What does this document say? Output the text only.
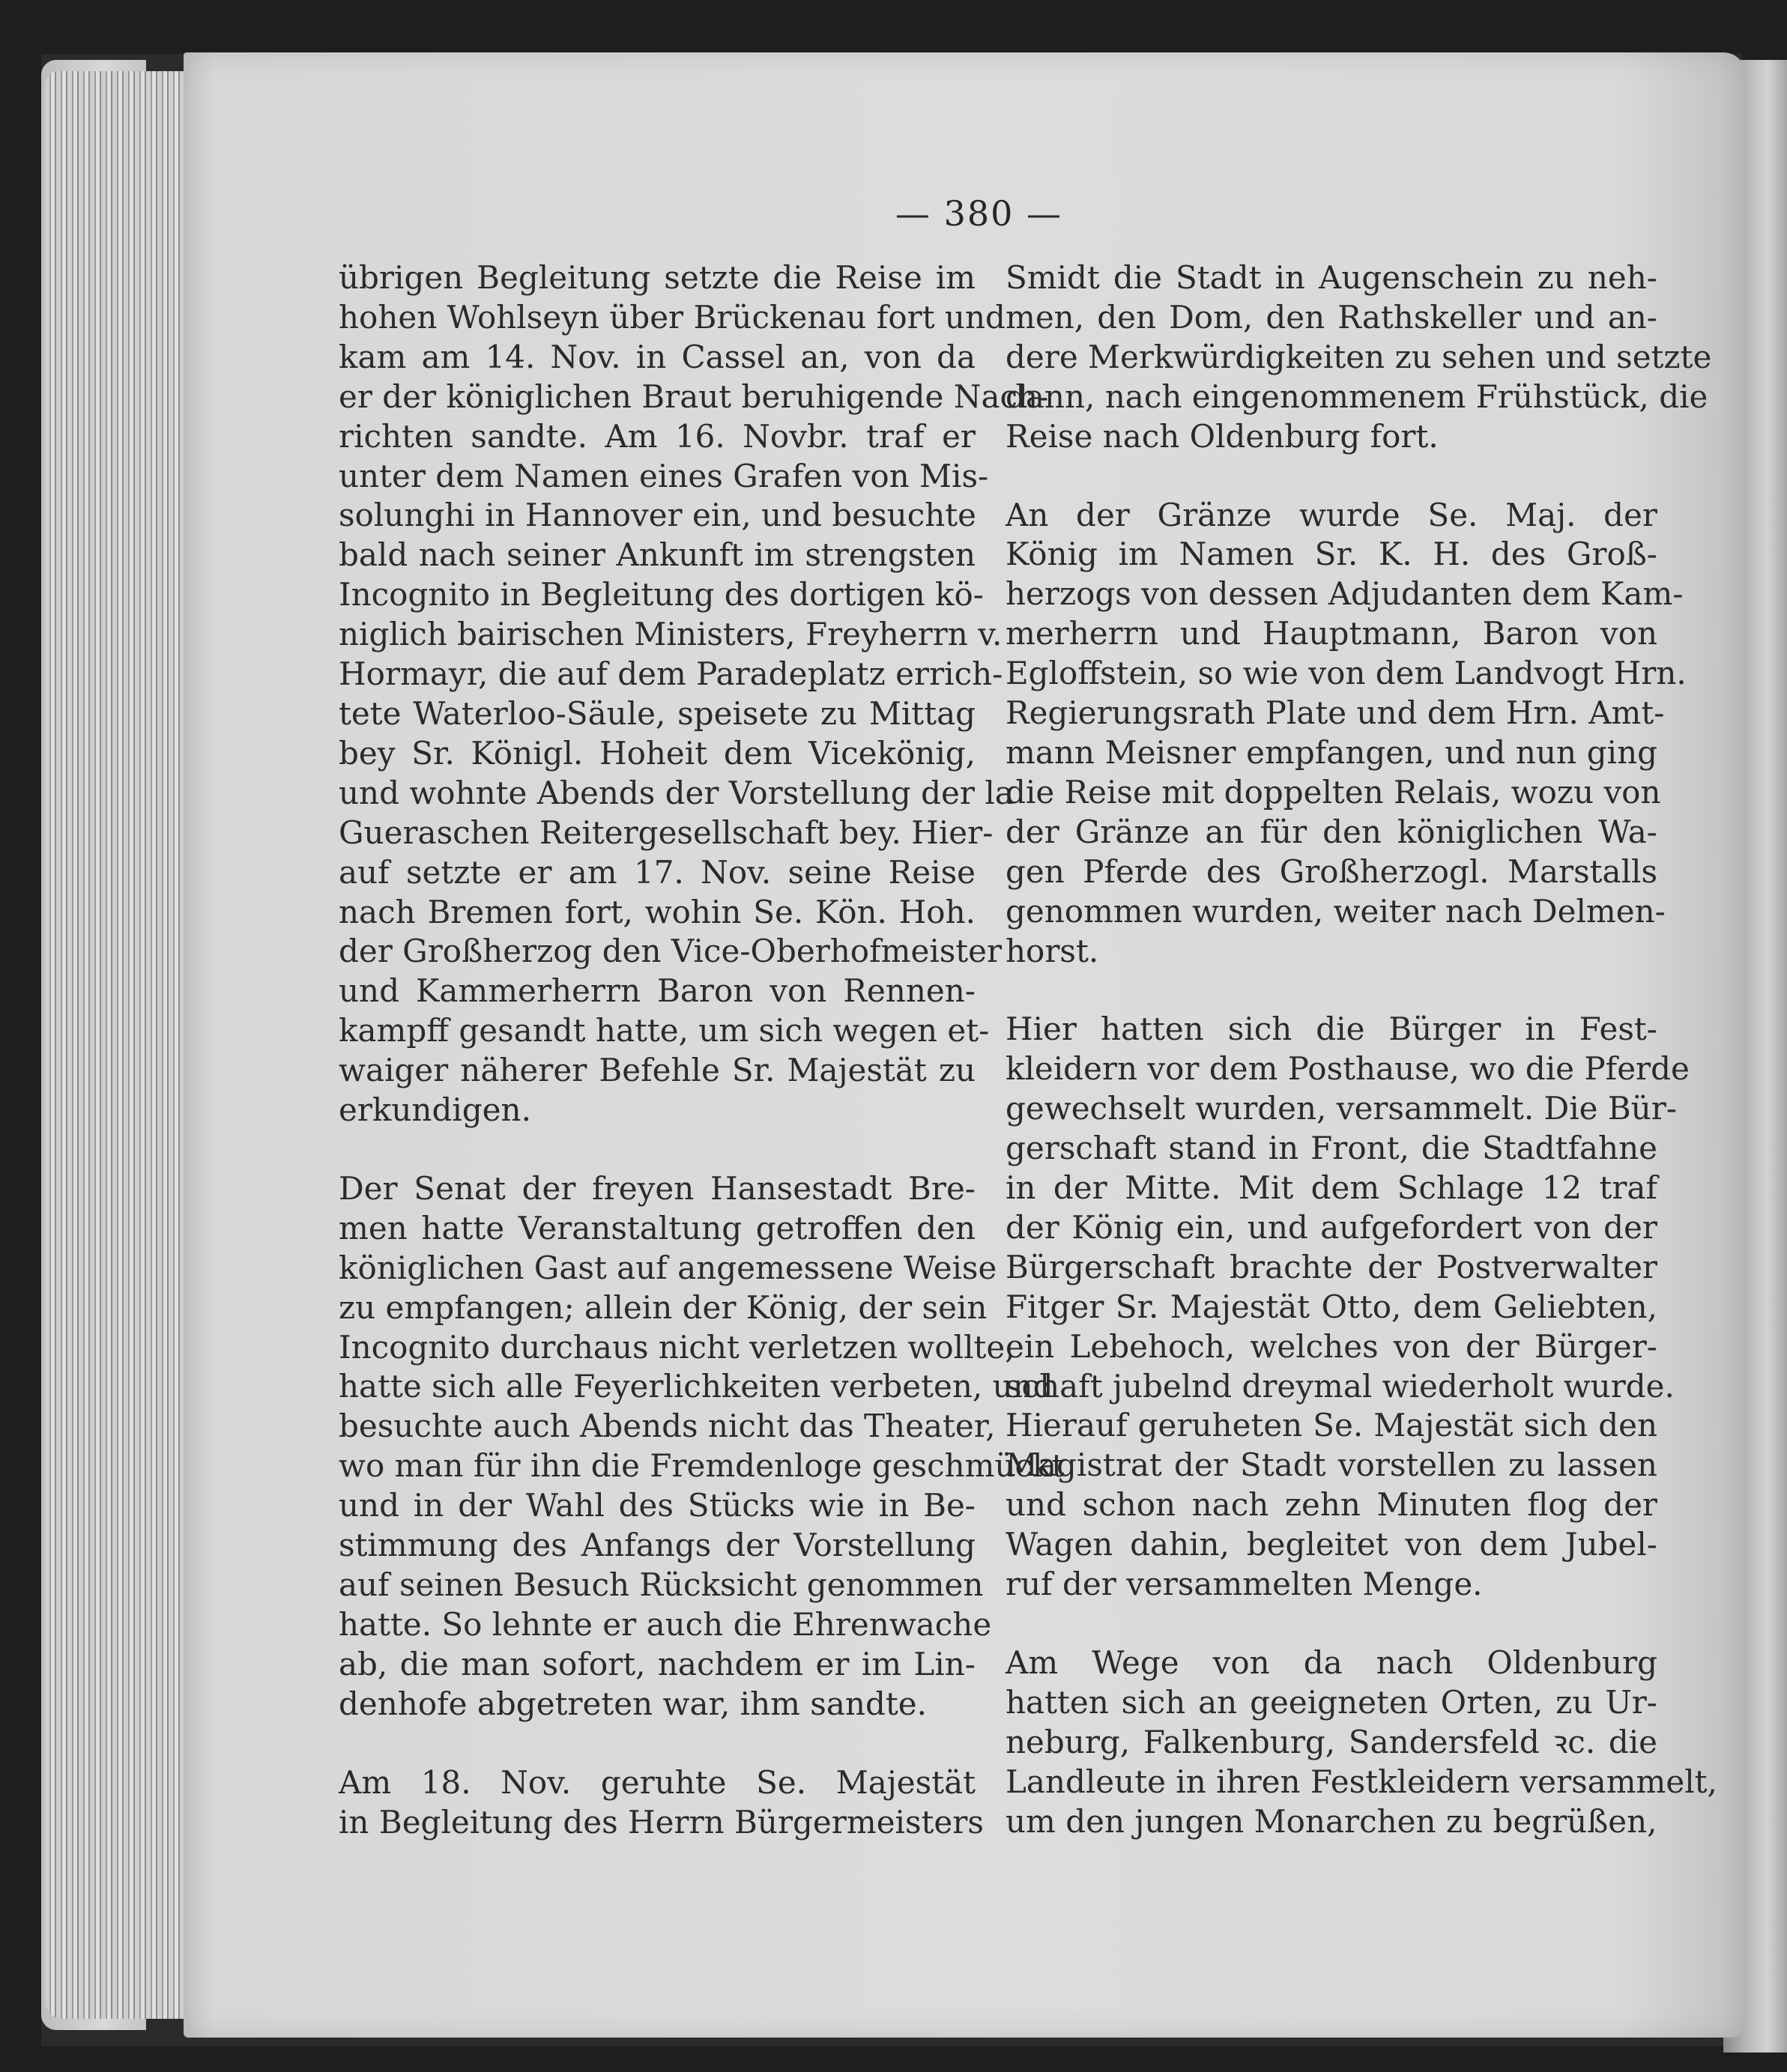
— 380 —
übrigen Begleitung setzte die Reise im
hohen Wohlseyn über Brückenau fort und
kam am 14. Nov. in Cassel an, von da
er der königlichen Braut beruhigende Nach-
richten sandte. Am 16. Novbr. traf er
unter dem Namen eines Grafen von Mis-
solunghi in Hannover ein, und besuchte
bald nach seiner Ankunft im strengsten
Incognito in Begleitung des dortigen kö-
niglich bairischen Ministers, Freyherrn v.
Hormayr, die auf dem Paradeplatz errich-
tete Waterloo-Säule, speisete zu Mittag
bey Sr. Königl. Hoheit dem Vicekönig,
und wohnte Abends der Vorstellung der la
Gueraschen Reitergesellschaft bey. Hier-
auf setzte er am 17. Nov. seine Reise
nach Bremen fort, wohin Se. Kön. Hoh.
der Großherzog den Vice-Oberhofmeister
und Kammerherrn Baron von Rennen-
kampff gesandt hatte, um sich wegen et-
waiger näherer Befehle Sr. Majestät zu
erkundigen.
Der Senat der freyen Hansestadt Bre-
men hatte Veranstaltung getroffen den
königlichen Gast auf angemessene Weise
zu empfangen; allein der König, der sein
Incognito durchaus nicht verletzen wollte,
hatte sich alle Feyerlichkeiten verbeten, und
besuchte auch Abends nicht das Theater,
wo man für ihn die Fremdenloge geschmückt
und in der Wahl des Stücks wie in Be-
stimmung des Anfangs der Vorstellung
auf seinen Besuch Rücksicht genommen
hatte. So lehnte er auch die Ehrenwache
ab, die man sofort, nachdem er im Lin-
denhofe abgetreten war, ihm sandte.
Am 18. Nov. geruhte Se. Majestät
in Begleitung des Herrn Bürgermeisters
Smidt die Stadt in Augenschein zu neh-
men, den Dom, den Rathskeller und an-
dere Merkwürdigkeiten zu sehen und setzte
dann, nach eingenommenem Frühstück, die
Reise nach Oldenburg fort.
An der Gränze wurde Se. Maj. der
König im Namen Sr. K. H. des Groß-
herzogs von dessen Adjudanten dem Kam-
merherrn und Hauptmann, Baron von
Egloffstein, so wie von dem Landvogt Hrn.
Regierungsrath Plate und dem Hrn. Amt-
mann Meisner empfangen, und nun ging
die Reise mit doppelten Relais, wozu von
der Gränze an für den königlichen Wa-
gen Pferde des Großherzogl. Marstalls
genommen wurden, weiter nach Delmen-
horst.
Hier hatten sich die Bürger in Fest-
kleidern vor dem Posthause, wo die Pferde
gewechselt wurden, versammelt. Die Bür-
gerschaft stand in Front, die Stadtfahne
in der Mitte. Mit dem Schlage 12 traf
der König ein, und aufgefordert von der
Bürgerschaft brachte der Postverwalter
Fitger Sr. Majestät Otto, dem Geliebten,
ein Lebehoch, welches von der Bürger-
schaft jubelnd dreymal wiederholt wurde.
Hierauf geruheten Se. Majestät sich den
Magistrat der Stadt vorstellen zu lassen
und schon nach zehn Minuten flog der
Wagen dahin, begleitet von dem Jubel-
ruf der versammelten Menge.
Am Wege von da nach Oldenburg
hatten sich an geeigneten Orten, zu Ur-
neburg, Falkenburg, Sandersfeld ꝛc. die
Landleute in ihren Festkleidern versammelt,
um den jungen Monarchen zu begrüßen,
